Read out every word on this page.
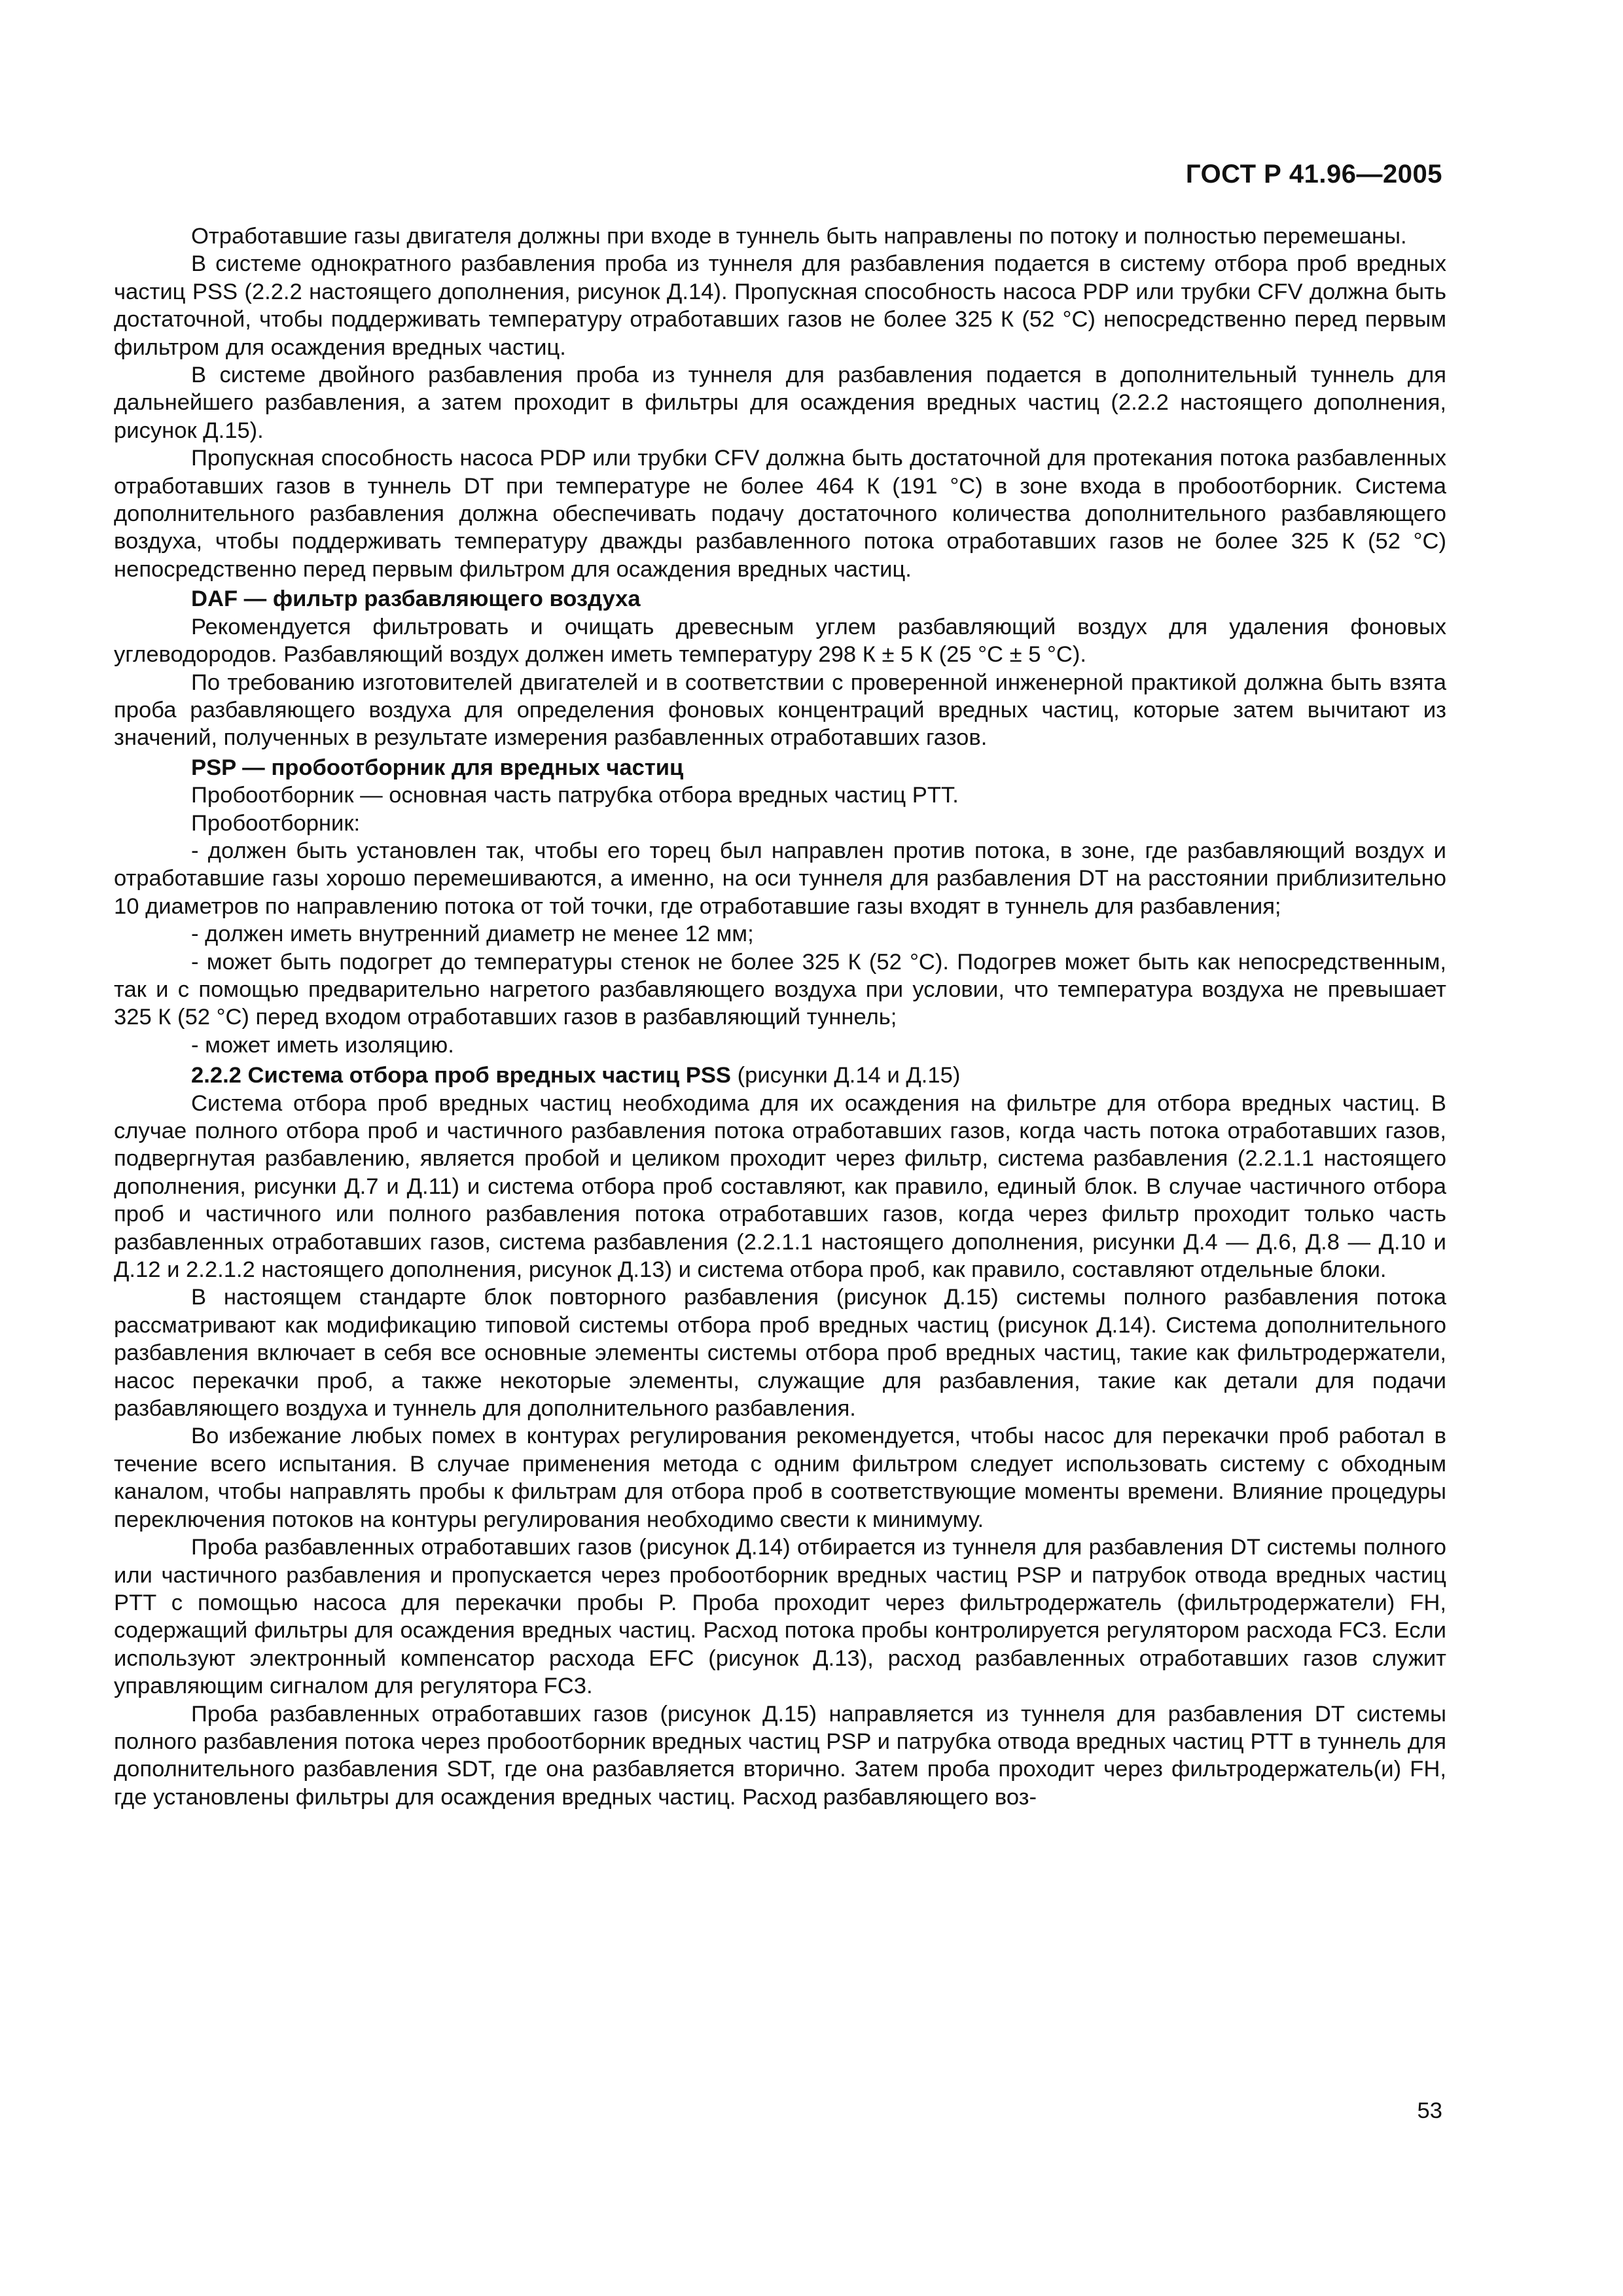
ГОСТ Р 41.96—2005

Отработавшие газы двигателя должны при входе в туннель быть направлены по потоку и полностью перемешаны.

В системе однократного разбавления проба из туннеля для разбавления подается в систему отбора проб вредных частиц PSS (2.2.2 настоящего дополнения, рисунок Д.14). Пропускная способность насоса PDP или трубки CFV должна быть достаточной, чтобы поддерживать температуру отработавших газов не более 325 К (52 °С) непосредственно перед первым фильтром для осаждения вредных частиц.

В системе двойного разбавления проба из туннеля для разбавления подается в дополнительный туннель для дальнейшего разбавления, а затем проходит в фильтры для осаждения вредных частиц (2.2.2 настоящего дополнения, рисунок Д.15).

Пропускная способность насоса PDP или трубки CFV должна быть достаточной для протекания потока разбавленных отработавших газов в туннель DT при температуре не более 464 К (191 °С) в зоне входа в пробоотборник. Система дополнительного разбавления должна обеспечивать подачу достаточного количества дополнительного разбавляющего воздуха, чтобы поддерживать температуру дважды разбавленного потока отработавших газов не более 325 К (52 °С) непосредственно перед первым фильтром для осаждения вредных частиц.

DAF — фильтр разбавляющего воздуха

Рекомендуется фильтровать и очищать древесным углем разбавляющий воздух для удаления фоновых углеводородов. Разбавляющий воздух должен иметь температуру 298 К ± 5 К (25 °С ± 5 °С).

По требованию изготовителей двигателей и в соответствии с проверенной инженерной практикой должна быть взята проба разбавляющего воздуха для определения фоновых концентраций вредных частиц, которые затем вычитают из значений, полученных в результате измерения разбавленных отработавших газов.

PSP — пробоотборник для вредных частиц

Пробоотборник — основная часть патрубка отбора вредных частиц PTT.

Пробоотборник:

- должен быть установлен так, чтобы его торец был направлен против потока, в зоне, где разбавляющий воздух и отработавшие газы хорошо перемешиваются, а именно, на оси туннеля для разбавления DT на расстоянии приблизительно 10 диаметров по направлению потока от той точки, где отработавшие газы входят в туннель для разбавления;

- должен иметь внутренний диаметр не менее 12 мм;

- может быть подогрет до температуры стенок не более 325 К (52 °С). Подогрев может быть как непосредственным, так и с помощью предварительно нагретого разбавляющего воздуха при условии, что температура воздуха не превышает 325 К (52 °С) перед входом отработавших газов в разбавляющий туннель;

- может иметь изоляцию.

2.2.2 Система отбора проб вредных частиц PSS (рисунки Д.14 и Д.15)

Система отбора проб вредных частиц необходима для их осаждения на фильтре для отбора вредных частиц. В случае полного отбора проб и частичного разбавления потока отработавших газов, когда часть потока отработавших газов, подвергнутая разбавлению, является пробой и целиком проходит через фильтр, система разбавления (2.2.1.1 настоящего дополнения, рисунки Д.7 и Д.11) и система отбора проб составляют, как правило, единый блок. В случае частичного отбора проб и частичного или полного разбавления потока отработавших газов, когда через фильтр проходит только часть разбавленных отработавших газов, система разбавления (2.2.1.1 настоящего дополнения, рисунки Д.4 — Д.6, Д.8 — Д.10 и Д.12 и 2.2.1.2 настоящего дополнения, рисунок Д.13) и система отбора проб, как правило, составляют отдельные блоки.

В настоящем стандарте блок повторного разбавления (рисунок Д.15) системы полного разбавления потока рассматривают как модификацию типовой системы отбора проб вредных частиц (рисунок Д.14). Система дополнительного разбавления включает в себя все основные элементы системы отбора проб вредных частиц, такие как фильтродержатели, насос перекачки проб, а также некоторые элементы, служащие для разбавления, такие как детали для подачи разбавляющего воздуха и туннель для дополнительного разбавления.

Во избежание любых помех в контурах регулирования рекомендуется, чтобы насос для перекачки проб работал в течение всего испытания. В случае применения метода с одним фильтром следует использовать систему с обходным каналом, чтобы направлять пробы к фильтрам для отбора проб в соответствующие моменты времени. Влияние процедуры переключения потоков на контуры регулирования необходимо свести к минимуму.

Проба разбавленных отработавших газов (рисунок Д.14) отбирается из туннеля для разбавления DT системы полного или частичного разбавления и пропускается через пробоотборник вредных частиц PSP и патрубок отвода вредных частиц PTT с помощью насоса для перекачки пробы P. Проба проходит через фильтродержатель (фильтродержатели) FH, содержащий фильтры для осаждения вредных частиц. Расход потока пробы контролируется регулятором расхода FC3. Если используют электронный компенсатор расхода EFC (рисунок Д.13), расход разбавленных отработавших газов служит управляющим сигналом для регулятора FC3.

Проба разбавленных отработавших газов (рисунок Д.15) направляется из туннеля для разбавления DT системы полного разбавления потока через пробоотборник вредных частиц PSP и патрубка отвода вредных частиц PTT в туннель для дополнительного разбавления SDT, где она разбавляется вторично. Затем проба проходит через фильтродержатель(и) FH, где установлены фильтры для осаждения вредных частиц. Расход разбавляющего воз-

53
